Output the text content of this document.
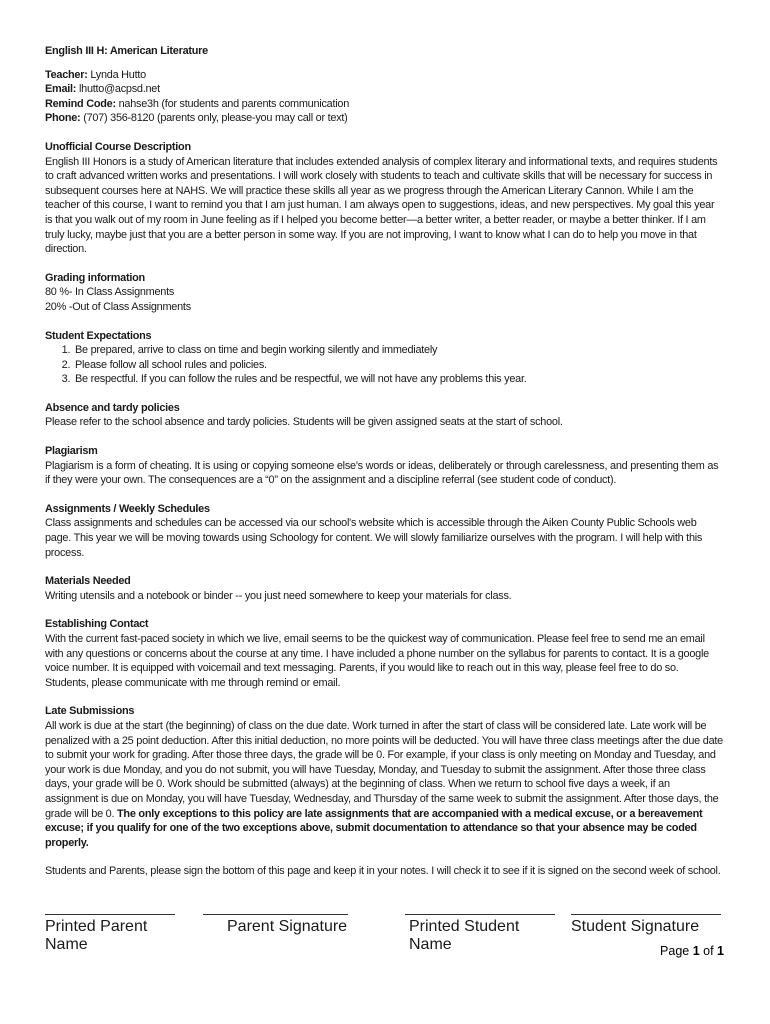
English III H: American Literature
Teacher: Lynda Hutto
Email: lhutto@acpsd.net
Remind Code: nahse3h (for students and parents communication
Phone: (707) 356-8120 (parents only, please-you may call or text)
Unofficial Course Description
English III Honors is a study of American literature that includes extended analysis of complex literary and informational texts, and requires students to craft advanced written works and presentations. I will work closely with students to teach and cultivate skills that will be necessary for success in subsequent courses here at NAHS. We will practice these skills all year as we progress through the American Literary Cannon. While I am the teacher of this course, I want to remind you that I am just human. I am always open to suggestions, ideas, and new perspectives. My goal this year is that you walk out of my room in June feeling as if I helped you become better—a better writer, a better reader, or maybe a better thinker. If I am truly lucky, maybe just that you are a better person in some way. If you are not improving, I want to know what I can do to help you move in that direction.
Grading information
80 %- In Class Assignments
20% -Out of Class Assignments
Student Expectations
1. Be prepared, arrive to class on time and begin working silently and immediately
2. Please follow all school rules and policies.
3. Be respectful. If you can follow the rules and be respectful, we will not have any problems this year.
Absence and tardy policies
Please refer to the school absence and tardy policies. Students will be given assigned seats at the start of school.
Plagiarism
Plagiarism is a form of cheating. It is using or copying someone else's words or ideas, deliberately or through carelessness, and presenting them as if they were your own. The consequences are a “0” on the assignment and a discipline referral (see student code of conduct).
Assignments / Weekly Schedules
Class assignments and schedules can be accessed via our school's website which is accessible through the Aiken County Public Schools web page. This year we will be moving towards using Schoology for content. We will slowly familiarize ourselves with the program. I will help with this process.
Materials Needed
Writing utensils and a notebook or binder -- you just need somewhere to keep your materials for class.
Establishing Contact
With the current fast-paced society in which we live, email seems to be the quickest way of communication. Please feel free to send me an email with any questions or concerns about the course at any time. I have included a phone number on the syllabus for parents to contact. It is a google voice number. It is equipped with voicemail and text messaging. Parents, if you would like to reach out in this way, please feel free to do so. Students, please communicate with me through remind or email.
Late Submissions
All work is due at the start (the beginning) of class on the due date. Work turned in after the start of class will be considered late. Late work will be penalized with a 25 point deduction. After this initial deduction, no more points will be deducted. You will have three class meetings after the due date to submit your work for grading. After those three days, the grade will be 0. For example, if your class is only meeting on Monday and Tuesday, and your work is due Monday, and you do not submit, you will have Tuesday, Monday, and Tuesday to submit the assignment. After those three class days, your grade will be 0. Work should be submitted (always) at the beginning of class. When we return to school five days a week, if an assignment is due on Monday, you will have Tuesday, Wednesday, and Thursday of the same week to submit the assignment. After those days, the grade will be 0. The only exceptions to this policy are late assignments that are accompanied with a medical excuse, or a bereavement excuse; if you qualify for one of the two exceptions above, submit documentation to attendance so that your absence may be coded properly.
Students and Parents, please sign the bottom of this page and keep it in your notes. I will check it to see if it is signed on the second week of school.
Printed Parent Name
Parent Signature	Printed Student Name
Student Signature
Page 1 of 1
